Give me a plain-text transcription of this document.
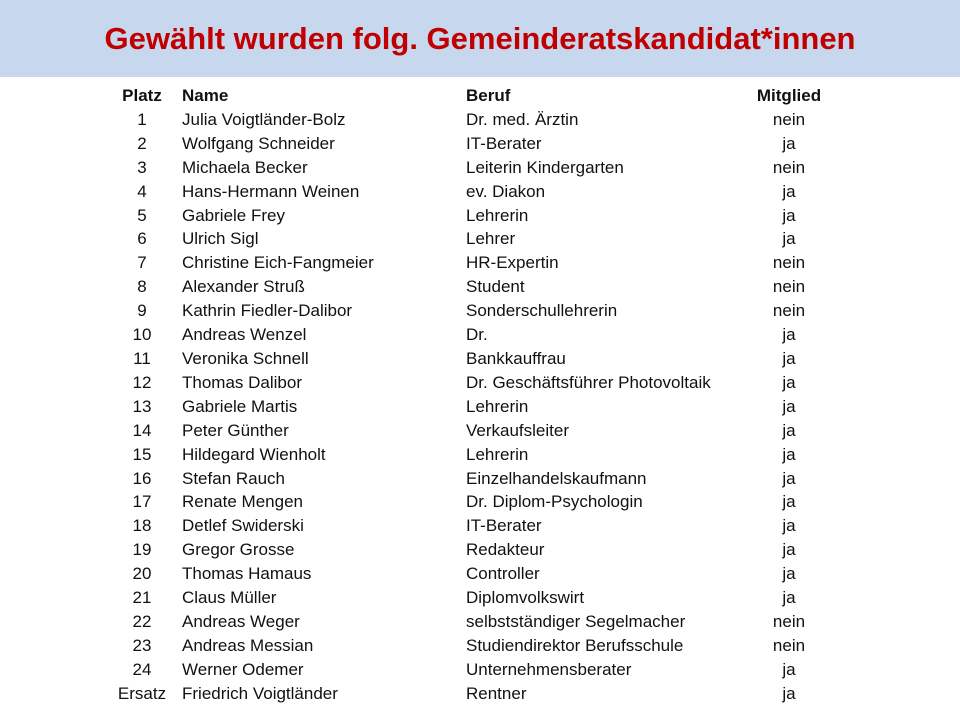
Gewählt wurden folg. Gemeinderatskandidat*innen
Platz	Name	Beruf	Mitglied
1	Julia Voigtländer-Bolz	Dr. med. Ärztin	nein
2	Wolfgang Schneider	IT-Berater	ja
3	Michaela Becker	Leiterin Kindergarten	nein
4	Hans-Hermann Weinen	ev. Diakon	ja
5	Gabriele Frey	Lehrerin	ja
6	Ulrich Sigl	Lehrer	ja
7	Christine Eich-Fangmeier	HR-Expertin	nein
8	Alexander Struß	Student	nein
9	Kathrin Fiedler-Dalibor	Sonderschullehrerin	nein
10	Andreas Wenzel	Dr.	ja
11	Veronika Schnell	Bankkauffrau	ja
12	Thomas Dalibor	Dr. Geschäftsführer Photovoltaik	ja
13	Gabriele Martis	Lehrerin	ja
14	Peter Günther	Verkaufsleiter	ja
15	Hildegard Wienholt	Lehrerin	ja
16	Stefan Rauch	Einzelhandelskaufmann	ja
17	Renate Mengen	Dr. Diplom-Psychologin	ja
18	Detlef Swiderski	IT-Berater	ja
19	Gregor Grosse	Redakteur	ja
20	Thomas Hamaus	Controller	ja
21	Claus Müller	Diplomvolkswirt	ja
22	Andreas Weger	selbstständiger Segelmacher	nein
23	Andreas Messian	Studiendirektor Berufsschule	nein
24	Werner Odemer	Unternehmensberater	ja
Ersatz	Friedrich Voigtländer	Rentner	ja
